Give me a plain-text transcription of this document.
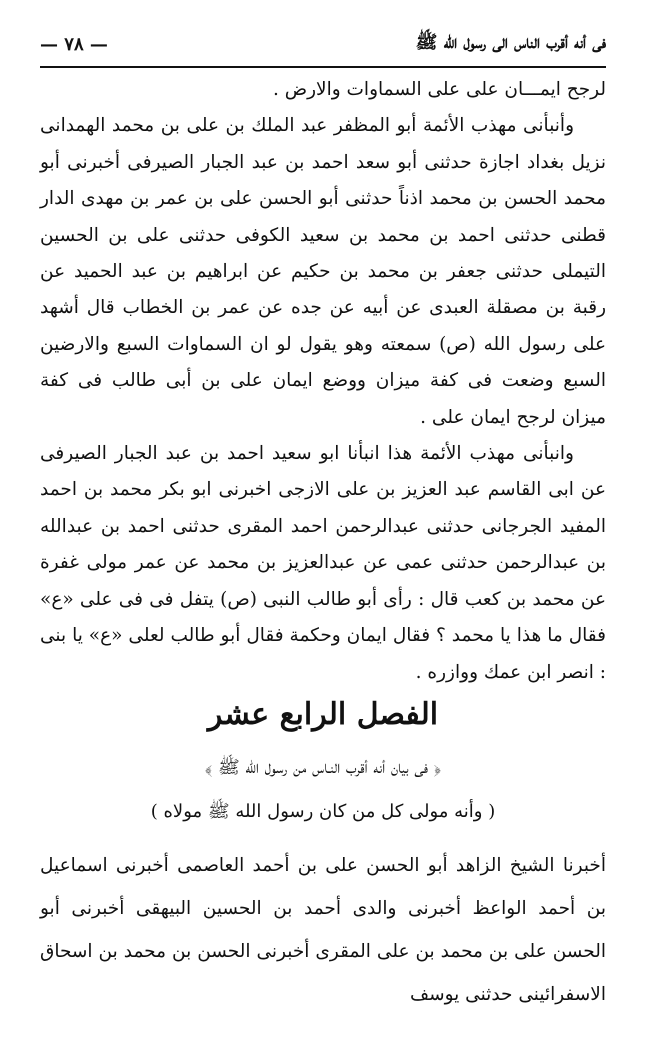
فى أنه أقرب الناس الى رسول الله ﷺ
— ٧٨ —

لرجح ايمـــان على على السماوات والارض .

وأنبأنى مهذب الأئمة أبو المظفر عبد الملك بن على بن محمد الهمدانى نزيل بغداد اجازة حدثنى أبو سعد احمد بن عبد الجبار الصيرفى أخبرنى أبو محمد الحسن بن محمد اذناً حدثنى أبو الحسن على بن عمر بن مهدى الدار قطنى حدثنى احمد بن محمد بن سعيد الكوفى حدثنى على بن الحسين التيملى حدثنى جعفر بن محمد بن حكيم عن ابراهيم بن عبد الحميد عن رقبة بن مصقلة العبدى عن أبيه عن جده عن عمر بن الخطاب قال أشهد على رسول الله (ص) سمعته وهو يقول لو ان السماوات السبع والارضين السبع وضعت فى كفة ميزان ووضع ايمان على بن أبى طالب فى كفة ميزان لرجح ايمان على .

وانبأنى مهذب الأئمة هذا انبأنا ابو سعيد احمد بن عبد الجبار الصيرفى عن ابى القاسم عبد العزيز بن على الازجى اخبرنى ابو بكر محمد بن احمد المفيد الجرجانى حدثنى عبدالرحمن احمد المقرى حدثنى احمد بن عبدالله بن عبدالرحمن حدثنى عمى عن عبدالعزيز بن محمد عن عمر مولى غفرة عن محمد بن كعب قال : رأى أبو طالب النبى (ص) يتفل فى فى على «ع» فقال ما هذا يا محمد ؟ فقال ايمان وحكمة فقال أبو طالب لعلى «ع» يا بنى : انصر ابن عمك ووازره .

الفصل الرابع عشر
﴿ فى بيان أنه أقرب النـاس من رسول الله ﷺ ﴾
( وأنه مولى كل من كان رسول الله ﷺ مولاه )

أخبرنا الشيخ الزاهد أبو الحسن على بن أحمد العاصمى أخبرنى اسماعيل بن أحمد الواعظ أخبرنى والدى أحمد بن الحسين البيهقى أخبرنى أبو الحسن على بن محمد بن على المقرى أخبرنى الحسن بن محمد بن اسحاق الاسفرائينى حدثنى يوسف
